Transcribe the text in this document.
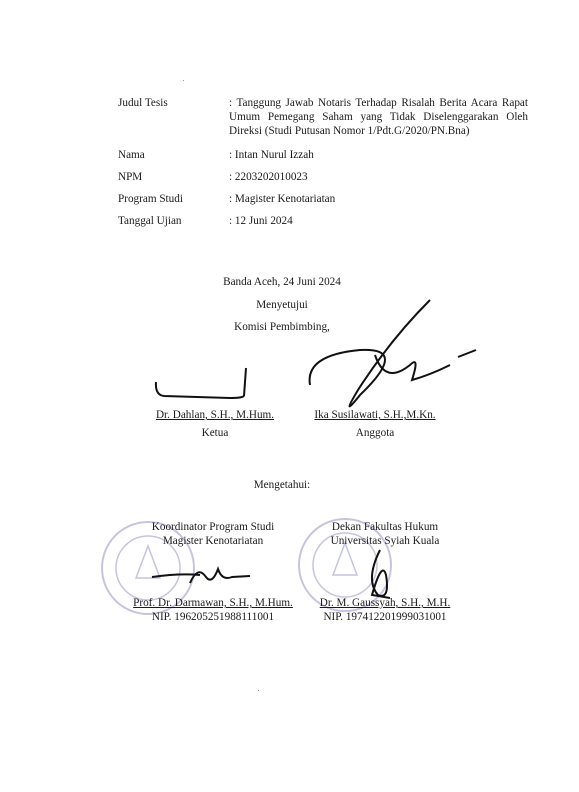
Judul Tesis	: Tanggung Jawab Notaris Terhadap Risalah Berita Acara Rapat Umum Pemegang Saham yang Tidak Diselenggarakan Oleh Direksi (Studi Putusan Nomor 1/Pdt.G/2020/PN.Bna)
Nama	: Intan Nurul Izzah
NPM	: 2203202010023
Program Studi	: Magister Kenotariatan
Tanggal Ujian	: 12 Juni 2024
Banda Aceh, 24 Juni 2024
Menyetujui
Komisi Pembimbing,
Dr. Dahlan, S.H., M.Hum.
Ketua
Ika Susilawati, S.H.,M.Kn.
Anggota
Mengetahui:
Koordinator Program Studi
Magister Kenotariatan
Dekan Fakultas Hukum
Universitas Syiah Kuala
Prof. Dr. Darmawan, S.H., M.Hum.
NIP. 196205251988111001
Dr. M. Gaussyah, S.H., M.H.
NIP. 197412201999031001
